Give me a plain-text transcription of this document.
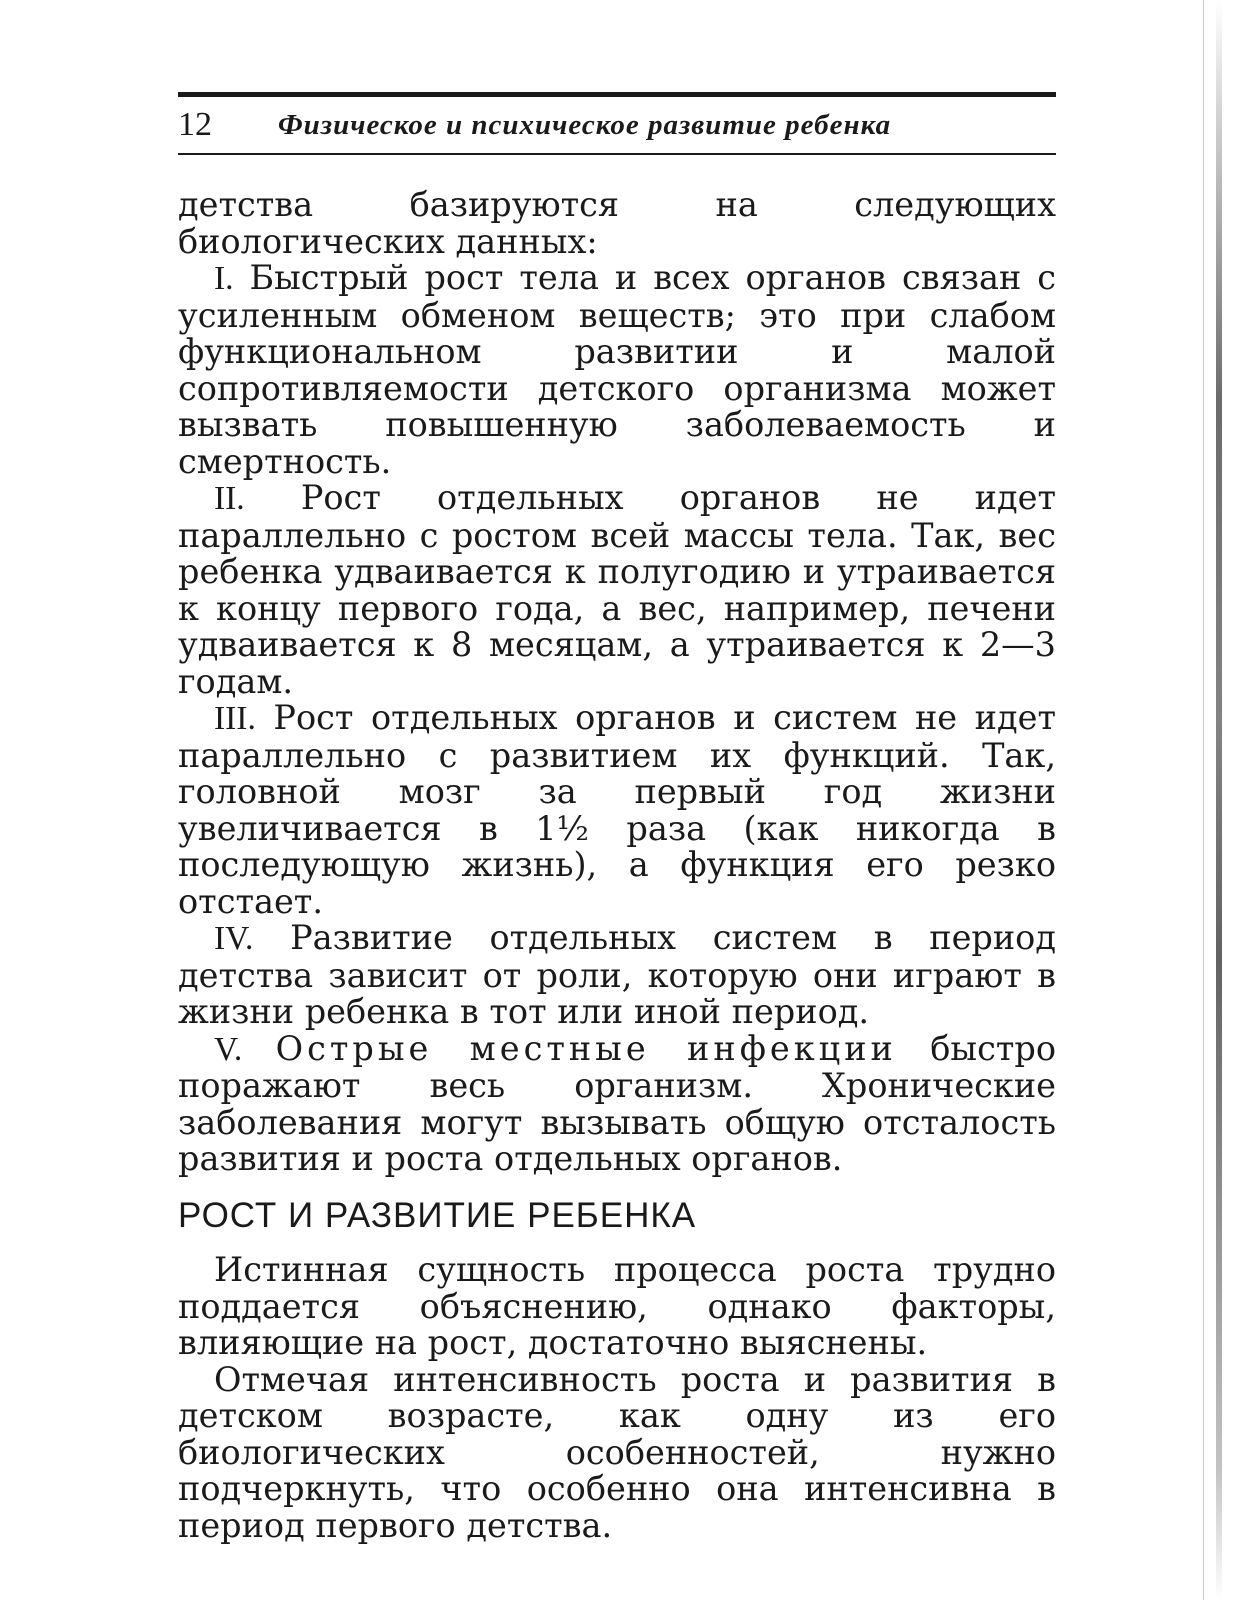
12	Физическое и психическое развитие ребенка

детства базируются на следующих биологических данных:

I. Быстрый рост тела и всех органов связан с усиленным обменом веществ; это при слабом функциональном развитии и малой сопротивляемости детского организма может вызвать повышенную заболеваемость и смертность.

II. Рост отдельных органов не идет параллельно с ростом всей массы тела. Так, вес ребенка удваивается к полугодию и утраивается к концу первого года, а вес, например, печени удваивается к 8 месяцам, а утраивается к 2—3 годам.

III. Рост отдельных органов и систем не идет параллельно с развитием их функций. Так, головной мозг за первый год жизни увеличивается в 1½ раза (как никогда в последующую жизнь), а функция его резко отстает.

IV. Развитие отдельных систем в период детства зависит от роли, которую они играют в жизни ребенка в тот или иной период.

V. Острые местные инфекции быстро поражают весь организм. Хронические заболевания могут вызывать общую отсталость развития и роста отдельных органов.

РОСТ И РАЗВИТИЕ РЕБЕНКА

Истинная сущность процесса роста трудно поддается объяснению, однако факторы, влияющие на рост, достаточно выяснены.

Отмечая интенсивность роста и развития в детском возрасте, как одну из его биологических особенностей, нужно подчеркнуть, что особенно она интенсивна в период первого детства.
